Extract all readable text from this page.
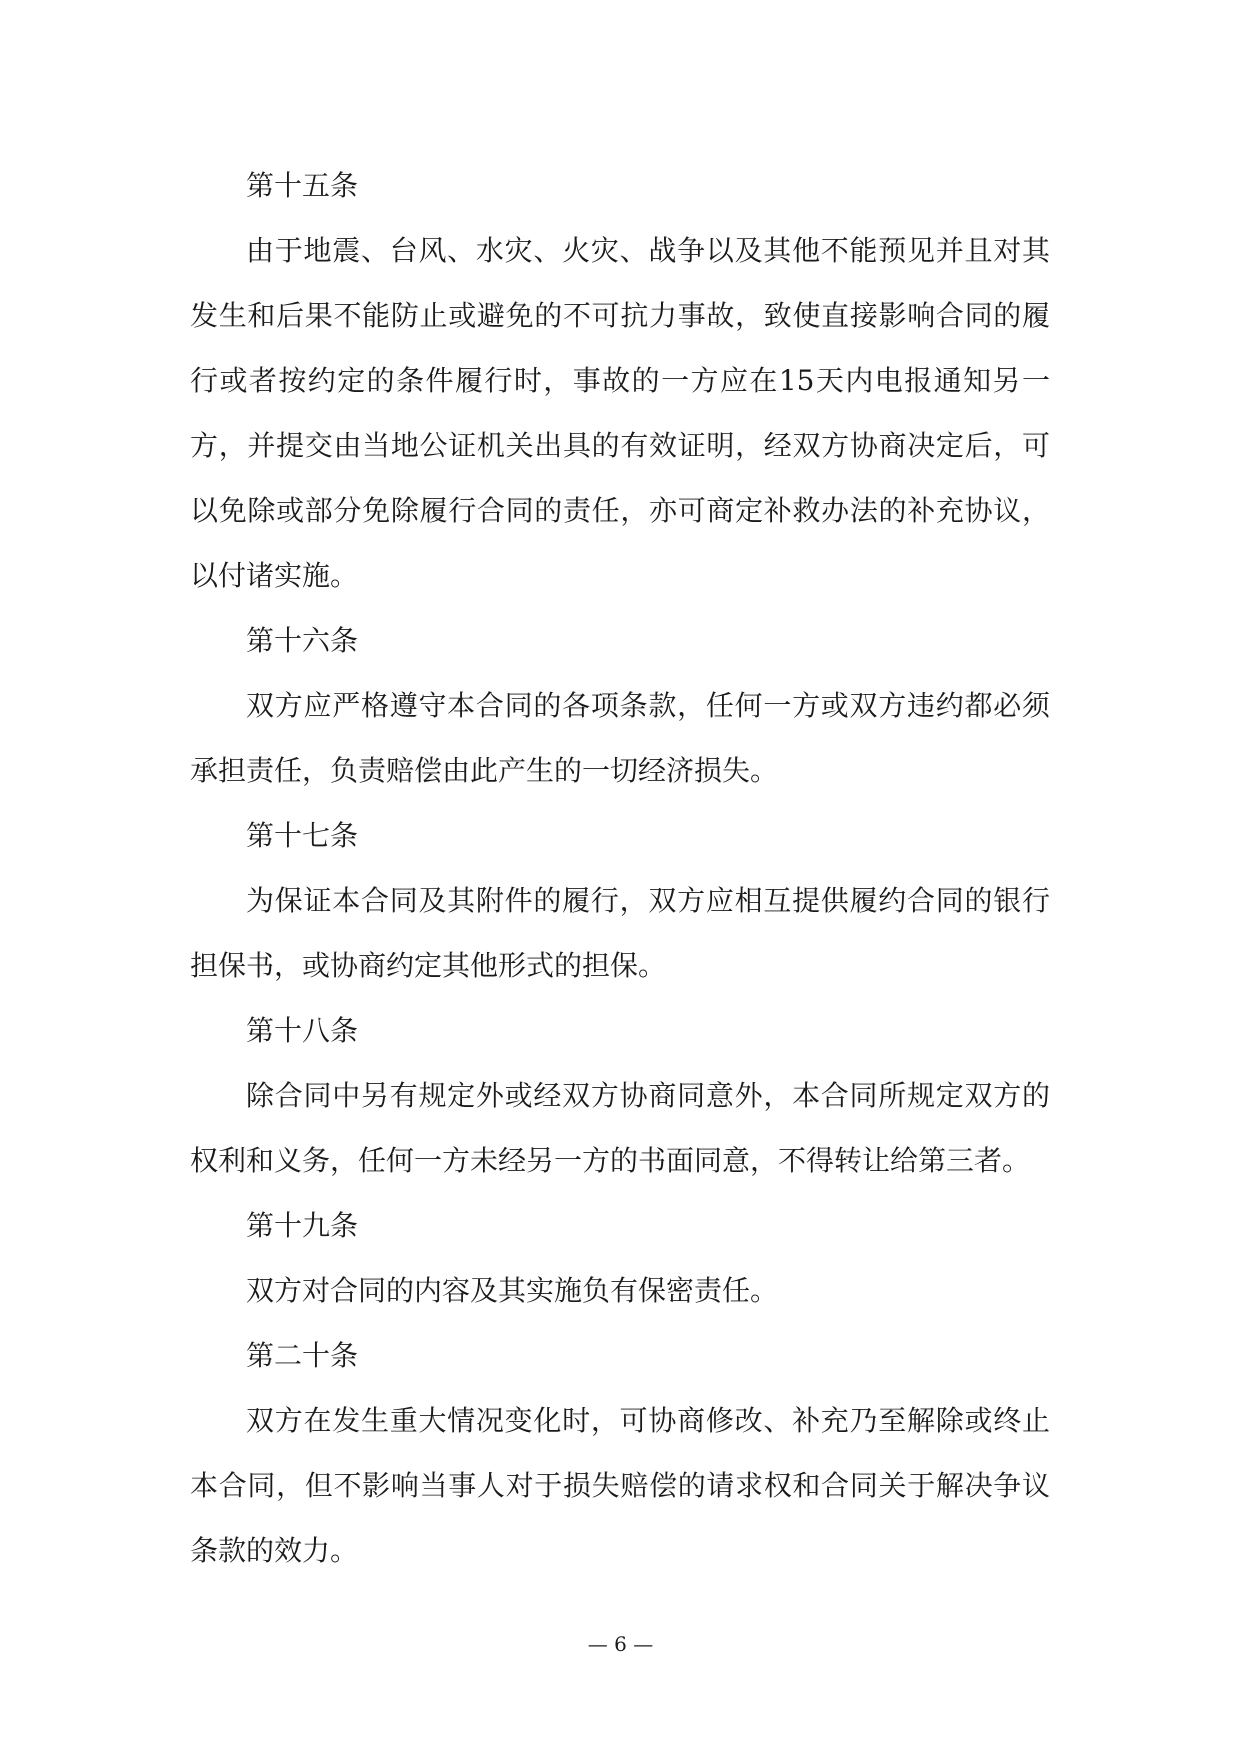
第十五条

由于地震、台风、水灾、火灾、战争以及其他不能预见并且对其发生和后果不能防止或避免的不可抗力事故，致使直接影响合同的履行或者按约定的条件履行时，事故的一方应在15天内电报通知另一方，并提交由当地公证机关出具的有效证明，经双方协商决定后，可以免除或部分免除履行合同的责任，亦可商定补救办法的补充协议，以付诸实施。

第十六条

双方应严格遵守本合同的各项条款，任何一方或双方违约都必须承担责任，负责赔偿由此产生的一切经济损失。

第十七条

为保证本合同及其附件的履行，双方应相互提供履约合同的银行担保书，或协商约定其他形式的担保。

第十八条

除合同中另有规定外或经双方协商同意外，本合同所规定双方的权利和义务，任何一方未经另一方的书面同意，不得转让给第三者。

第十九条

双方对合同的内容及其实施负有保密责任。

第二十条

双方在发生重大情况变化时，可协商修改、补充乃至解除或终止本合同，但不影响当事人对于损失赔偿的请求权和合同关于解决争议条款的效力。

— 6 —
